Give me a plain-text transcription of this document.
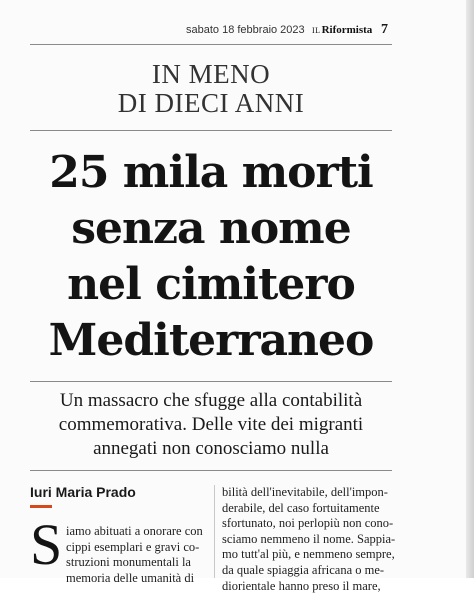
sabato 18 febbraio 2023 ILRiformista 7
IN MENO
DI DIECI ANNI
25 mila morti
senza nome
nel cimitero
Mediterraneo
Un massacro che sfugge alla contabilità
commemorativa. Delle vite dei migranti
annegati non conosciamo nulla
Iuri Maria Prado
S iamo abituati a onorare con
cippi esemplari e gravi co-
struzioni monumentali la
memoria delle umanità di
bilità dell'inevitabile, dell'impon-
derabile, del caso fortuitamente
sfortunato, noi perlopiù non cono-
sciamo nemmeno il nome. Sappia-
mo tutt'al più, e nemmeno sempre,
da quale spiaggia africana o me-
diorientale hanno preso il mare,
